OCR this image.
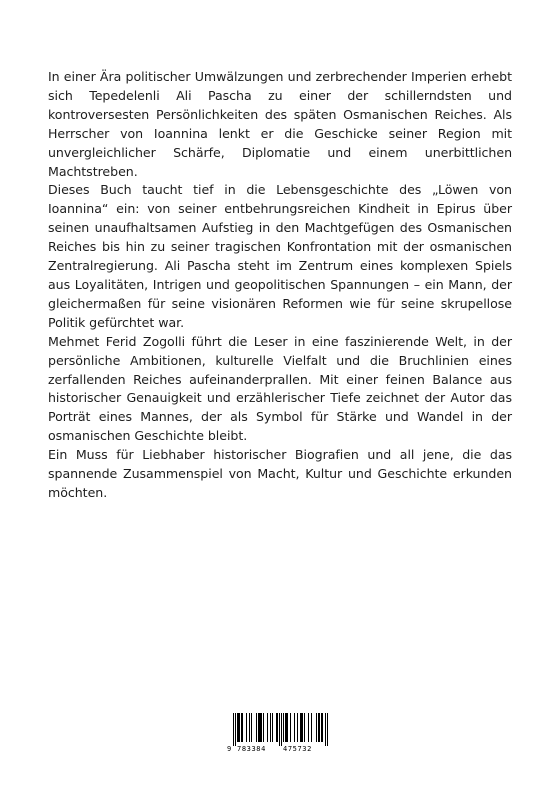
In einer Ära politischer Umwälzungen und zerbrechender Imperien erhebt sich Tepedelenli Ali Pascha zu einer der schillerndsten und kontroversesten Persönlichkeiten des späten Osmanischen Reiches. Als Herrscher von Ioannina lenkt er die Geschicke seiner Region mit unvergleichlicher Schärfe, Diplomatie und einem unerbittlichen Machtstreben.

Dieses Buch taucht tief in die Lebensgeschichte des „Löwen von Ioannina“ ein: von seiner entbehrungsreichen Kindheit in Epirus über seinen unaufhaltsamen Aufstieg in den Machtgefügen des Osmanischen Reiches bis hin zu seiner tragischen Konfrontation mit der osmanischen Zentralregierung. Ali Pascha steht im Zentrum eines komplexen Spiels aus Loyalitäten, Intrigen und geopolitischen Spannungen – ein Mann, der gleichermaßen für seine visionären Reformen wie für seine skrupellose Politik gefürchtet war.

Mehmet Ferid Zogolli führt die Leser in eine faszinierende Welt, in der persönliche Ambitionen, kulturelle Vielfalt und die Bruchlinien eines zerfallenden Reiches aufeinanderprallen. Mit einer feinen Balance aus historischer Genauigkeit und erzählerischer Tiefe zeichnet der Autor das Porträt eines Mannes, der als Symbol für Stärke und Wandel in der osmanischen Geschichte bleibt.

Ein Muss für Liebhaber historischer Biografien und all jene, die das spannende Zusammenspiel von Macht, Kultur und Geschichte erkunden möchten.

9 783384 475732
